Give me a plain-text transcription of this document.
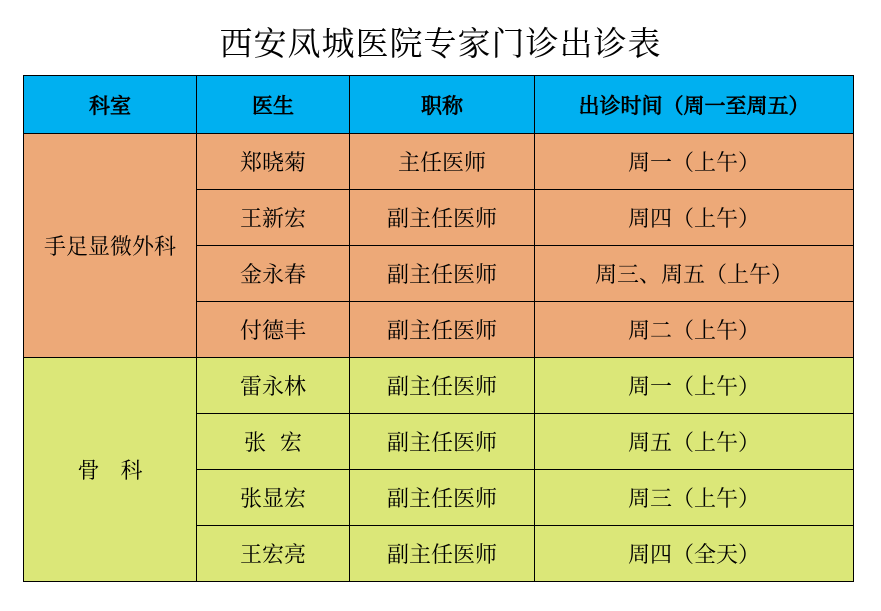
西安凤城医院专家门诊出诊表
科室	医生	职称	出诊时间（周一至周五）
手足显微外科	郑晓菊	主任医师	周一（上午）
	王新宏	副主任医师	周四（上午）
	金永春	副主任医师	周三、周五（上午）
	付德丰	副主任医师	周二（上午）
骨   科	雷永林	副主任医师	周一（上午）
	张  宏	副主任医师	周五（上午）
	张显宏	副主任医师	周三（上午）
	王宏亮	副主任医师	周四（全天）
